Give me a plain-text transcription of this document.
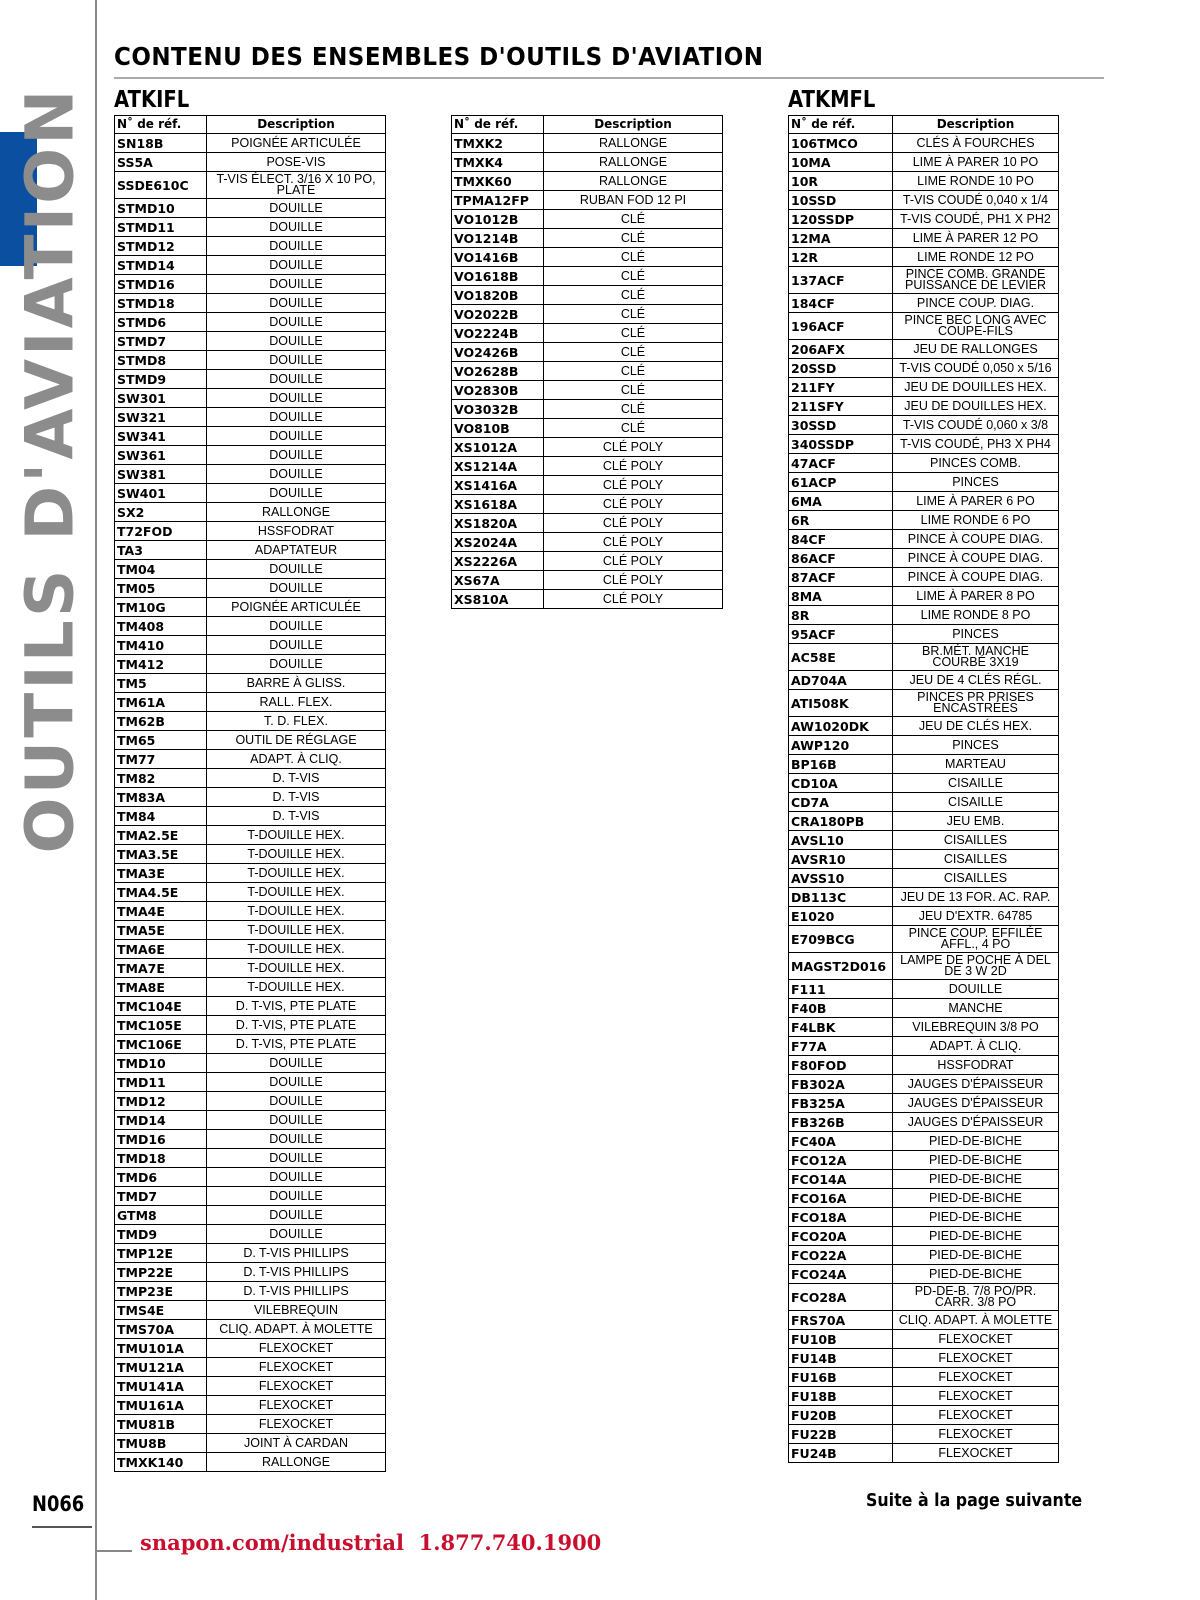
OUTILS D'AVIATION
CONTENU DES ENSEMBLES D'OUTILS D'AVIATION
ATKIFL	ATKMFL
N˚ de réf.	Description
SN18B	POIGNÉE ARTICULÉE
SS5A	POSE-VIS
SSDE610C	T-VIS ÉLECT. 3/16 X 10 PO, PLATE
STMD10	DOUILLE
STMD11	DOUILLE
STMD12	DOUILLE
STMD14	DOUILLE
STMD16	DOUILLE
STMD18	DOUILLE
STMD6	DOUILLE
STMD7	DOUILLE
STMD8	DOUILLE
STMD9	DOUILLE
SW301	DOUILLE
SW321	DOUILLE
SW341	DOUILLE
SW361	DOUILLE
SW381	DOUILLE
SW401	DOUILLE
SX2	RALLONGE
T72FOD	HSSFODRAT
TA3	ADAPTATEUR
TM04	DOUILLE
TM05	DOUILLE
TM10G	POIGNÉE ARTICULÉE
TM408	DOUILLE
TM410	DOUILLE
TM412	DOUILLE
TM5	BARRE À GLISS.
TM61A	RALL. FLEX.
TM62B	T. D. FLEX.
TM65	OUTIL DE RÉGLAGE
TM77	ADAPT. À CLIQ.
TM82	D. T-VIS
TM83A	D. T-VIS
TM84	D. T-VIS
TMA2.5E	T-DOUILLE HEX.
TMA3.5E	T-DOUILLE HEX.
TMA3E	T-DOUILLE HEX.
TMA4.5E	T-DOUILLE HEX.
TMA4E	T-DOUILLE HEX.
TMA5E	T-DOUILLE HEX.
TMA6E	T-DOUILLE HEX.
TMA7E	T-DOUILLE HEX.
TMA8E	T-DOUILLE HEX.
TMC104E	D. T-VIS, PTE PLATE
TMC105E	D. T-VIS, PTE PLATE
TMC106E	D. T-VIS, PTE PLATE
TMD10	DOUILLE
TMD11	DOUILLE
TMD12	DOUILLE
TMD14	DOUILLE
TMD16	DOUILLE
TMD18	DOUILLE
TMD6	DOUILLE
TMD7	DOUILLE
GTM8	DOUILLE
TMD9	DOUILLE
TMP12E	D. T-VIS PHILLIPS
TMP22E	D. T-VIS PHILLIPS
TMP23E	D. T-VIS PHILLIPS
TMS4E	VILEBREQUIN
TMS70A	CLIQ. ADAPT. À MOLETTE
TMU101A	FLEXOCKET
TMU121A	FLEXOCKET
TMU141A	FLEXOCKET
TMU161A	FLEXOCKET
TMU81B	FLEXOCKET
TMU8B	JOINT À CARDAN
TMXK140	RALLONGE
N˚ de réf.	Description
TMXK2	RALLONGE
TMXK4	RALLONGE
TMXK60	RALLONGE
TPMA12FP	RUBAN FOD 12 PI
VO1012B	CLÉ
VO1214B	CLÉ
VO1416B	CLÉ
VO1618B	CLÉ
VO1820B	CLÉ
VO2022B	CLÉ
VO2224B	CLÉ
VO2426B	CLÉ
VO2628B	CLÉ
VO2830B	CLÉ
VO3032B	CLÉ
VO810B	CLÉ
XS1012A	CLÉ POLY
XS1214A	CLÉ POLY
XS1416A	CLÉ POLY
XS1618A	CLÉ POLY
XS1820A	CLÉ POLY
XS2024A	CLÉ POLY
XS2226A	CLÉ POLY
XS67A	CLÉ POLY
XS810A	CLÉ POLY
N˚ de réf.	Description
106TMCO	CLÉS À FOURCHES
10MA	LIME À PARER 10 PO
10R	LIME RONDE 10 PO
10SSD	T-VIS COUDÉ 0,040 x 1/4
120SSDP	T-VIS COUDÉ, PH1 X PH2
12MA	LIME À PARER 12 PO
12R	LIME RONDE 12 PO
137ACF	PINCE COMB. GRANDE PUISSANCE DE LEVIER
184CF	PINCE COUP. DIAG.
196ACF	PINCE BEC LONG AVEC COUPE-FILS
206AFX	JEU DE RALLONGES
20SSD	T-VIS COUDÉ 0,050 x 5/16
211FY	JEU DE DOUILLES HEX.
211SFY	JEU DE DOUILLES HEX.
30SSD	T-VIS COUDÉ 0,060 x 3/8
340SSDP	T-VIS COUDÉ, PH3 X PH4
47ACF	PINCES COMB.
61ACP	PINCES
6MA	LIME À PARER 6 PO
6R	LIME RONDE 6 PO
84CF	PINCE À COUPE DIAG.
86ACF	PINCE À COUPE DIAG.
87ACF	PINCE À COUPE DIAG.
8MA	LIME À PARER 8 PO
8R	LIME RONDE 8 PO
95ACF	PINCES
AC58E	BR.MÉT. MANCHE COURBÉ 3X19
AD704A	JEU DE 4 CLÉS RÉGL.
ATI508K	PINCES PR PRISES ENCASTRÉES
AW1020DK	JEU DE CLÉS HEX.
AWP120	PINCES
BP16B	MARTEAU
CD10A	CISAILLE
CD7A	CISAILLE
CRA180PB	JEU EMB.
AVSL10	CISAILLES
AVSR10	CISAILLES
AVSS10	CISAILLES
DB113C	JEU DE 13 FOR. AC. RAP.
E1020	JEU D'EXTR. 64785
E709BCG	PINCE COUP. EFFILÉE AFFL., 4 PO
MAGST2D016	LAMPE DE POCHE À DEL DE 3 W 2D
F111	DOUILLE
F40B	MANCHE
F4LBK	VILEBREQUIN 3/8 PO
F77A	ADAPT. À CLIQ.
F80FOD	HSSFODRAT
FB302A	JAUGES D'ÉPAISSEUR
FB325A	JAUGES D'ÉPAISSEUR
FB326B	JAUGES D'ÉPAISSEUR
FC40A	PIED-DE-BICHE
FCO12A	PIED-DE-BICHE
FCO14A	PIED-DE-BICHE
FCO16A	PIED-DE-BICHE
FCO18A	PIED-DE-BICHE
FCO20A	PIED-DE-BICHE
FCO22A	PIED-DE-BICHE
FCO24A	PIED-DE-BICHE
FCO28A	PD-DE-B. 7/8 PO/PR. CARR. 3/8 PO
FRS70A	CLIQ. ADAPT. À MOLETTE
FU10B	FLEXOCKET
FU14B	FLEXOCKET
FU16B	FLEXOCKET
FU18B	FLEXOCKET
FU20B	FLEXOCKET
FU22B	FLEXOCKET
FU24B	FLEXOCKET
N066	Suite à la page suivante
snapon.com/industrial 1.877.740.1900
